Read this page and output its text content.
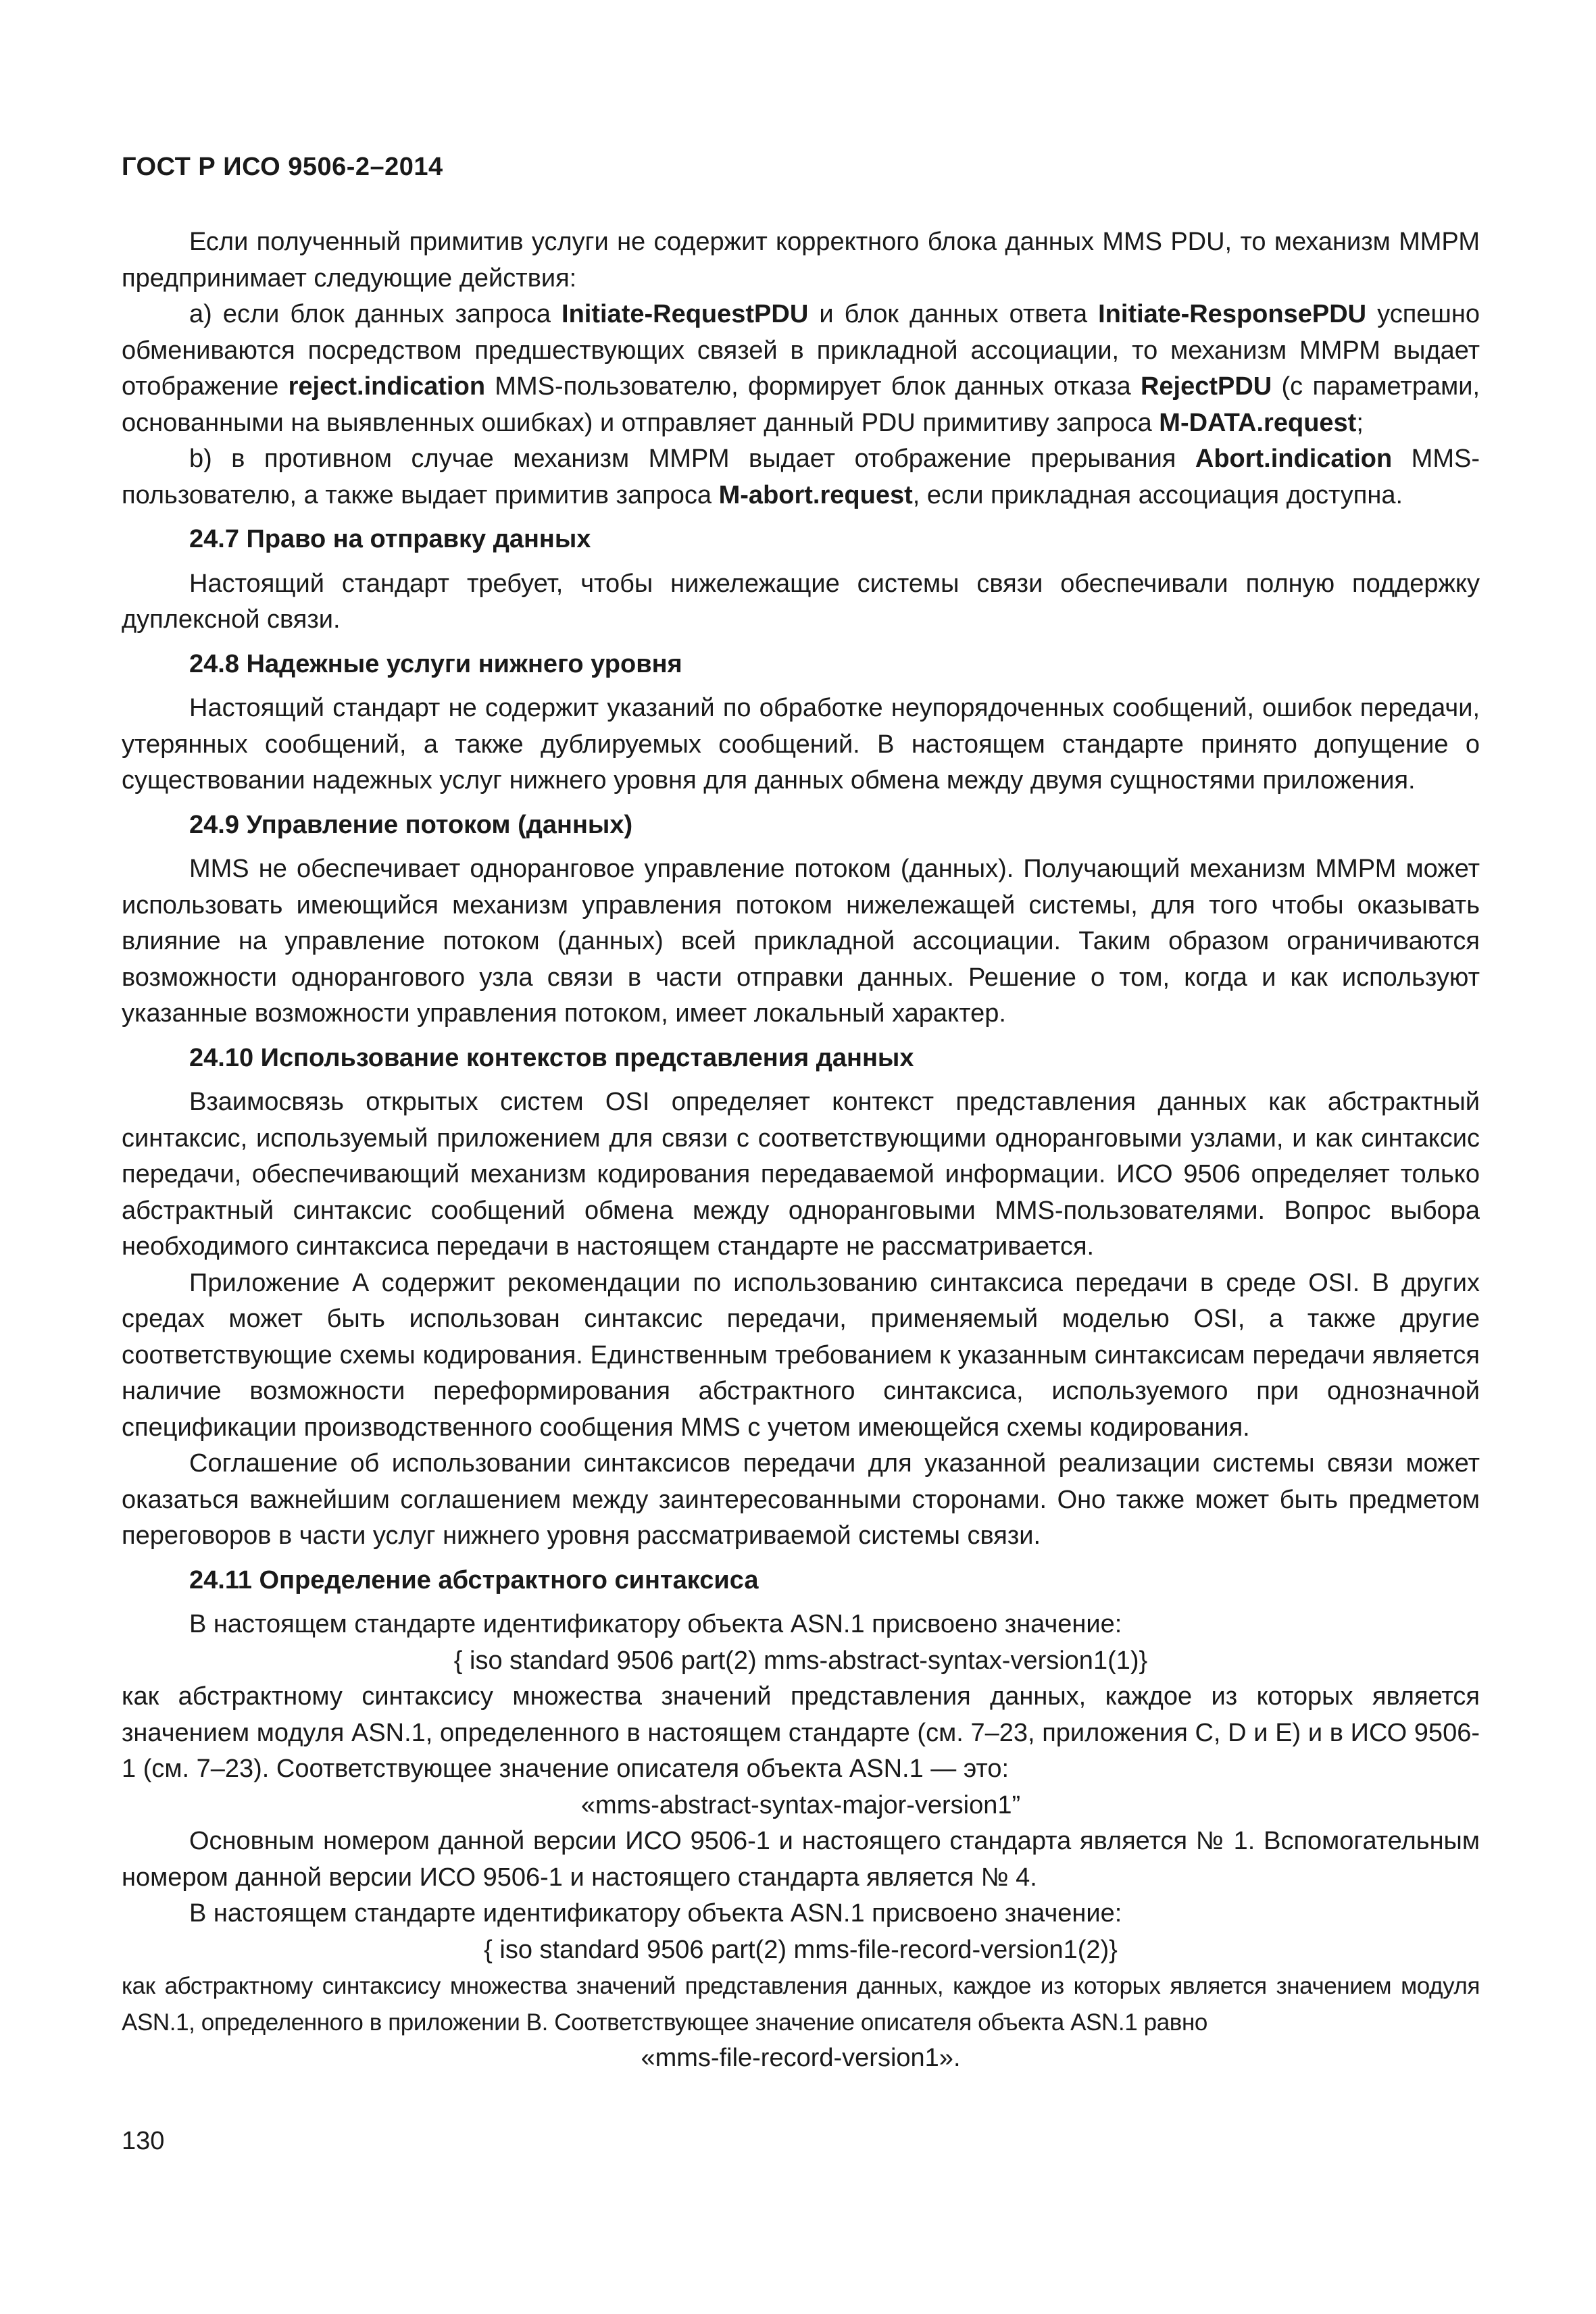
ГОСТ Р ИСО 9506-2–2014

Если полученный примитив услуги не содержит корректного блока данных MMS PDU, то механизм ММРМ предпринимает следующие действия:

а) если блок данных запроса Initiate-RequestPDU и блок данных ответа Initiate-ResponsePDU успешно обмениваются посредством предшествующих связей в прикладной ассоциации, то механизм ММРМ выдает отображение reject.indication MMS-пользователю, формирует блок данных отказа RejectPDU (с параметрами, основанными на выявленных ошибках) и отправляет данный PDU примитиву запроса M-DATA.request;

b) в противном случае механизм ММРМ выдает отображение прерывания Abort.indication MMS-пользователю, а также выдает примитив запроса M-abort.request, если прикладная ассоциация доступна.

24.7 Право на отправку данных

Настоящий стандарт требует, чтобы нижележащие системы связи обеспечивали полную поддержку дуплексной связи.

24.8 Надежные услуги нижнего уровня

Настоящий стандарт не содержит указаний по обработке неупорядоченных сообщений, ошибок передачи, утерянных сообщений, а также дублируемых сообщений. В настоящем стандарте принято допущение о существовании надежных услуг нижнего уровня для данных обмена между двумя сущностями приложения.

24.9 Управление потоком (данных)

MMS не обеспечивает одноранговое управление потоком (данных). Получающий механизм ММРМ может использовать имеющийся механизм управления потоком нижележащей системы, для того чтобы оказывать влияние на управление потоком (данных) всей прикладной ассоциации. Таким образом ограничиваются возможности однорангового узла связи в части отправки данных. Решение о том, когда и как используют указанные возможности управления потоком, имеет локальный характер.

24.10 Использование контекстов представления данных

Взаимосвязь открытых систем OSI определяет контекст представления данных как абстрактный синтаксис, используемый приложением для связи с соответствующими одноранговыми узлами, и как синтаксис передачи, обеспечивающий механизм кодирования передаваемой информации. ИСО 9506 определяет только абстрактный синтаксис сообщений обмена между одноранговыми MMS-пользователями. Вопрос выбора необходимого синтаксиса передачи в настоящем стандарте не рассматривается.

Приложение А содержит рекомендации по использованию синтаксиса передачи в среде OSI. В других средах может быть использован синтаксис передачи, применяемый моделью OSI, а также другие соответствующие схемы кодирования. Единственным требованием к указанным синтаксисам передачи является наличие возможности переформирования абстрактного синтаксиса, используемого при однозначной спецификации производственного сообщения MMS с учетом имеющейся схемы кодирования.

Соглашение об использовании синтаксисов передачи для указанной реализации системы связи может оказаться важнейшим соглашением между заинтересованными сторонами. Оно также может быть предметом переговоров в части услуг нижнего уровня рассматриваемой системы связи.

24.11 Определение абстрактного синтаксиса

В настоящем стандарте идентификатору объекта ASN.1 присвоено значение:

{ iso standard 9506 part(2) mms-abstract-syntax-version1(1)}

как абстрактному синтаксису множества значений представления данных, каждое из которых является значением модуля ASN.1, определенного в настоящем стандарте (см. 7–23, приложения C, D и E) и в ИСО 9506-1 (см. 7–23). Соответствующее значение описателя объекта ASN.1 — это:

«mms-abstract-syntax-major-version1”

Основным номером данной версии ИСО 9506-1 и настоящего стандарта является № 1. Вспомогательным номером данной версии ИСО 9506-1 и настоящего стандарта является № 4.

В настоящем стандарте идентификатору объекта ASN.1 присвоено значение:

{ iso standard 9506 part(2) mms-file-record-version1(2)}

как абстрактному синтаксису множества значений представления данных, каждое из которых является значением модуля ASN.1, определенного в приложении B. Соответствующее значение описателя объекта ASN.1 равно

«mms-file-record-version1».

130
